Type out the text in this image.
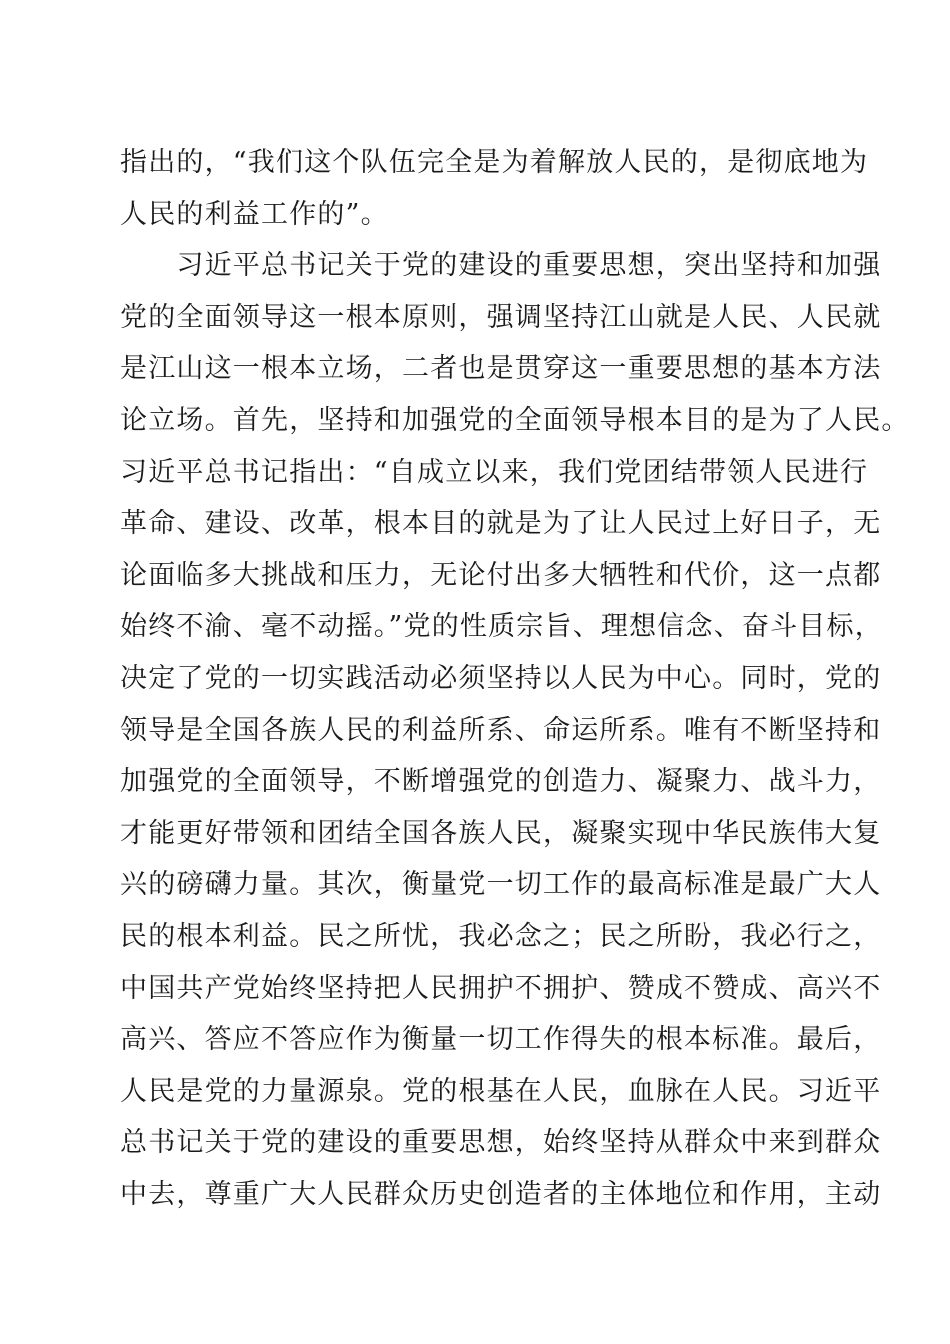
指出的，“我们这个队伍完全是为着解放人民的，是彻底地为
人民的利益工作的”。
　　习近平总书记关于党的建设的重要思想，突出坚持和加强
党的全面领导这一根本原则，强调坚持江山就是人民、人民就
是江山这一根本立场，二者也是贯穿这一重要思想的基本方法
论立场。首先，坚持和加强党的全面领导根本目的是为了人民。
习近平总书记指出：“自成立以来，我们党团结带领人民进行
革命、建设、改革，根本目的就是为了让人民过上好日子，无
论面临多大挑战和压力，无论付出多大牺牲和代价，这一点都
始终不渝、毫不动摇。”党的性质宗旨、理想信念、奋斗目标，
决定了党的一切实践活动必须坚持以人民为中心。同时，党的
领导是全国各族人民的利益所系、命运所系。唯有不断坚持和
加强党的全面领导，不断增强党的创造力、凝聚力、战斗力，
才能更好带领和团结全国各族人民，凝聚实现中华民族伟大复
兴的磅礴力量。其次，衡量党一切工作的最高标准是最广大人
民的根本利益。民之所忧，我必念之；民之所盼，我必行之，
中国共产党始终坚持把人民拥护不拥护、赞成不赞成、高兴不
高兴、答应不答应作为衡量一切工作得失的根本标准。最后，
人民是党的力量源泉。党的根基在人民，血脉在人民。习近平
总书记关于党的建设的重要思想，始终坚持从群众中来到群众
中去，尊重广大人民群众历史创造者的主体地位和作用，主动
